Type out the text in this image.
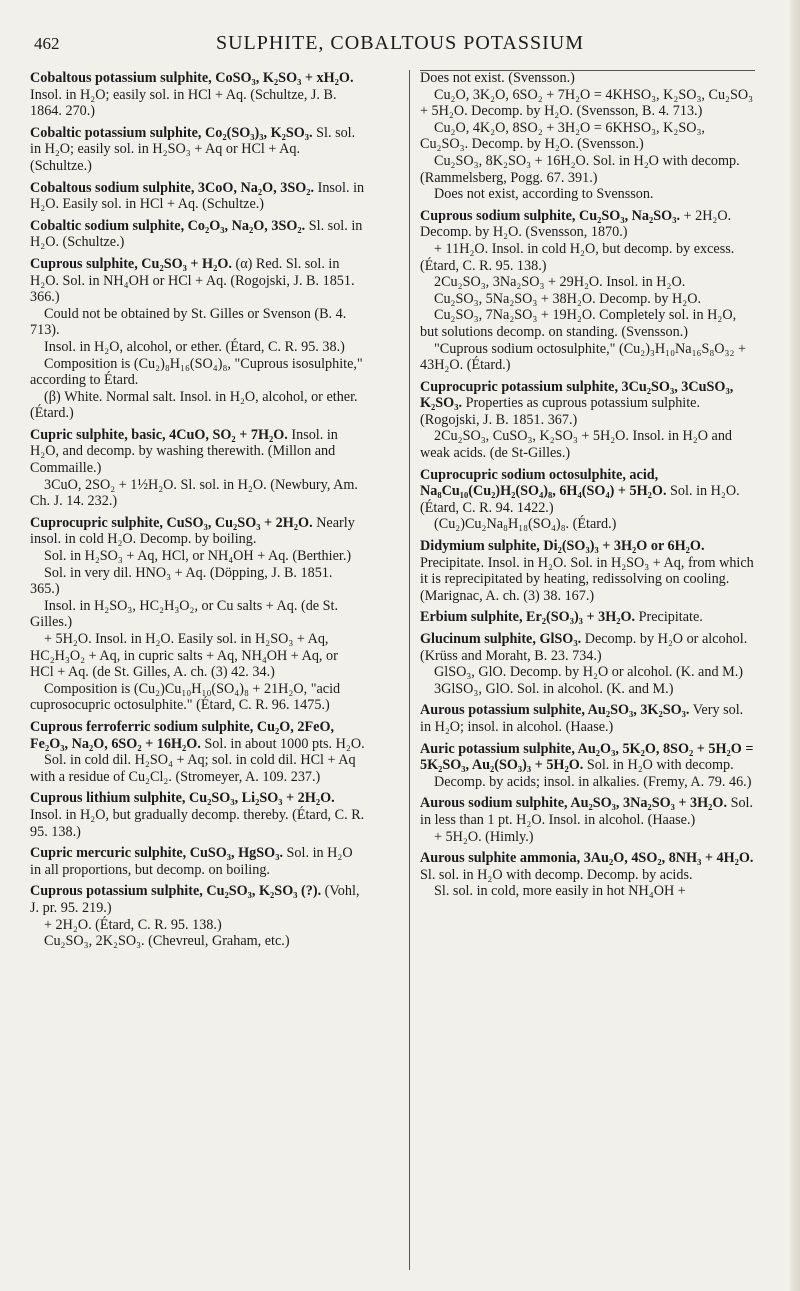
462	SULPHITE, COBALTOUS POTASSIUM

Cobaltous potassium sulphite, CoSO₃, K₂SO₃ + xH₂O. Insol. in H₂O; easily sol. in HCl + Aq. (Schultze, J. B. 1864. 270.)

Cobaltic potassium sulphite, Co₂(SO₃)₃, K₂SO₃. Sl. sol. in H₂O; easily sol. in H₂SO₃ + Aq or HCl + Aq. (Schultze.)

Cobaltous sodium sulphite, 3CoO, Na₂O, 3SO₂. Insol. in H₂O. Easily sol. in HCl + Aq. (Schultze.)

Cobaltic sodium sulphite, Co₂O₃, Na₂O, 3SO₂. Sl. sol. in H₂O. (Schultze.)

Cuprous sulphite, Cu₂SO₃ + H₂O. (α) Red. Sl. sol. in H₂O. Sol. in NH₄OH or HCl + Aq. (Rogojski, J. B. 1851. 366.)

Could not be obtained by St. Gilles or Svenson (B. 4. 713).

Insol. in H₂O, alcohol, or ether. (Étard, C. R. 95. 38.)

Composition is (Cu₂)₈H₁₆(SO₄)₈, "Cuprous isosulphite," according to Étard.

(β) White. Normal salt. Insol. in H₂O, alcohol, or ether. (Étard.)

Cupric sulphite, basic, 4CuO, SO₂ + 7H₂O. Insol. in H₂O, and decomp. by washing therewith. (Millon and Commaille.)

3CuO, 2SO₂ + 1½H₂O. Sl. sol. in H₂O. (Newbury, Am. Ch. J. 14. 232.)

Cuprocupric sulphite, CuSO₃, Cu₂SO₃ + 2H₂O. Nearly insol. in cold H₂O. Decomp. by boiling.

Sol. in H₂SO₃ + Aq, HCl, or NH₄OH + Aq. (Berthier.)

Sol. in very dil. HNO₃ + Aq. (Döpping, J. B. 1851. 365.)

Insol. in H₂SO₃, HC₂H₃O₂, or Cu salts + Aq. (de St. Gilles.)

+ 5H₂O. Insol. in H₂O. Easily sol. in H₂SO₃ + Aq, HC₂H₃O₂ + Aq, in cupric salts + Aq, NH₄OH + Aq, or HCl + Aq. (de St. Gilles, A. ch. (3) 42. 34.)

Composition is (Cu₂)Cu₁₀H₁₀(SO₄)₈ + 21H₂O, "acid cuprosocupric octosulphite." (Étard, C. R. 96. 1475.)

Cuprous ferroferric sodium sulphite, Cu₂O, 2FeO, Fe₂O₃, Na₂O, 6SO₂ + 16H₂O. Sol. in about 1000 pts. H₂O.

Sol. in cold dil. H₂SO₄ + Aq; sol. in cold dil. HCl + Aq with a residue of Cu₂Cl₂. (Stromeyer, A. 109. 237.)

Cuprous lithium sulphite, Cu₂SO₃, Li₂SO₃ + 2H₂O. Insol. in H₂O, but gradually decomp. thereby. (Étard, C. R. 95. 138.)

Cupric mercuric sulphite, CuSO₃, HgSO₃. Sol. in H₂O in all proportions, but decomp. on boiling.

Cuprous potassium sulphite, Cu₂SO₃, K₂SO₃ (?). (Vohl, J. pr. 95. 219.)

+ 2H₂O. (Étard, C. R. 95. 138.)

Cu₂SO₃, 2K₂SO₃. (Chevreul, Graham, etc.)

Does not exist. (Svensson.)

Cu₂O, 3K₂O, 6SO₂ + 7H₂O = 4KHSO₃, K₂SO₃, Cu₂SO₃ + 5H₂O. Decomp. by H₂O. (Svensson, B. 4. 713.)

Cu₂O, 4K₂O, 8SO₂ + 3H₂O = 6KHSO₃, K₂SO₃, Cu₂SO₃. Decomp. by H₂O. (Svensson.)

Cu₂SO₃, 8K₂SO₃ + 16H₂O. Sol. in H₂O with decomp. (Rammelsberg, Pogg. 67. 391.)

Does not exist, according to Svensson.

Cuprous sodium sulphite, Cu₂SO₃, Na₂SO₃. + 2H₂O. Decomp. by H₂O. (Svensson, 1870.)

+ 11H₂O. Insol. in cold H₂O, but decomp. by excess. (Étard, C. R. 95. 138.)

2Cu₂SO₃, 3Na₂SO₃ + 29H₂O. Insol. in H₂O.

Cu₂SO₃, 5Na₂SO₃ + 38H₂O. Decomp. by H₂O.

Cu₂SO₃, 7Na₂SO₃ + 19H₂O. Completely sol. in H₂O, but solutions decomp. on standing. (Svensson.)

"Cuprous sodium octosulphite," (Cu₂)₃H₁₀Na₁₆S₈O₃₂ + 43H₂O. (Étard.)

Cuprocupric potassium sulphite, 3Cu₂SO₃, 3CuSO₃, K₂SO₃. Properties as cuprous potassium sulphite. (Rogojski, J. B. 1851. 367.)

2Cu₂SO₃, CuSO₃, K₂SO₃ + 5H₂O. Insol. in H₂O and weak acids. (de St-Gilles.)

Cuprocupric sodium octosulphite, acid, Na₈Cu₁₀(Cu₂)H₂(SO₄)₈, 6H₄(SO₄) + 5H₂O. Sol. in H₂O. (Étard, C. R. 94. 1422.)

(Cu₂)Cu₂Na₈H₁₈(SO₄)₈. (Étard.)

Didymium sulphite, Di₂(SO₃)₃ + 3H₂O or 6H₂O. Precipitate. Insol. in H₂O. Sol. in H₂SO₃ + Aq, from which it is reprecipitated by heating, redissolving on cooling. (Marignac, A. ch. (3) 38. 167.)

Erbium sulphite, Er₂(SO₃)₃ + 3H₂O. Precipitate.

Glucinum sulphite, GlSO₃. Decomp. by H₂O or alcohol. (Krüss and Moraht, B. 23. 734.)

GlSO₃, GlO. Decomp. by H₂O or alcohol. (K. and M.)

3GlSO₃, GlO. Sol. in alcohol. (K. and M.)

Aurous potassium sulphite, Au₂SO₃, 3K₂SO₃. Very sol. in H₂O; insol. in alcohol. (Haase.)

Auric potassium sulphite, Au₂O₃, 5K₂O, 8SO₂ + 5H₂O = 5K₂SO₃, Au₂(SO₃)₃ + 5H₂O. Sol. in H₂O with decomp.

Decomp. by acids; insol. in alkalies. (Fremy, A. 79. 46.)

Aurous sodium sulphite, Au₂SO₃, 3Na₂SO₃ + 3H₂O. Sol. in less than 1 pt. H₂O. Insol. in alcohol. (Haase.)

+ 5H₂O. (Himly.)

Aurous sulphite ammonia, 3Au₂O, 4SO₂, 8NH₃ + 4H₂O. Sl. sol. in H₂O with decomp. Decomp. by acids.

Sl. sol. in cold, more easily in hot NH₄OH +
